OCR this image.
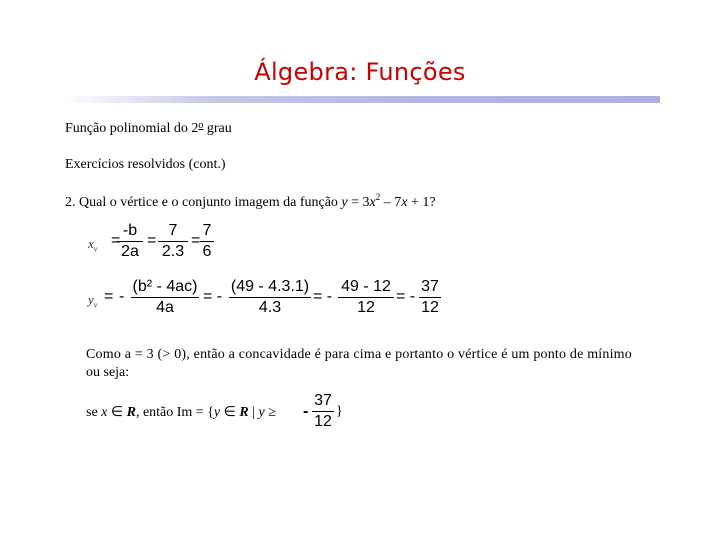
Álgebra: Funções
Função polinomial do 2$^o$ grau
Exercícios resolvidos (cont.)
2. Qual o vértice e o conjunto imagem da função $y = 3x^2 - 7x + 1$?
$x_v$
=
-b
2a
=
7
2.3
=
7
6
$y_v$
= -
(b² - 4ac)
4a
= -
(49 - 4.3.1)
4.3
= -
49 - 12
12
= -
37
12
Como a = 3 (> 0), então a concavidade é para cima e portanto o vértice é um ponto de mínimo
ou seja:
se x ∈ R, então Im = {y ∈ R | y ≥ -
37
12
}
